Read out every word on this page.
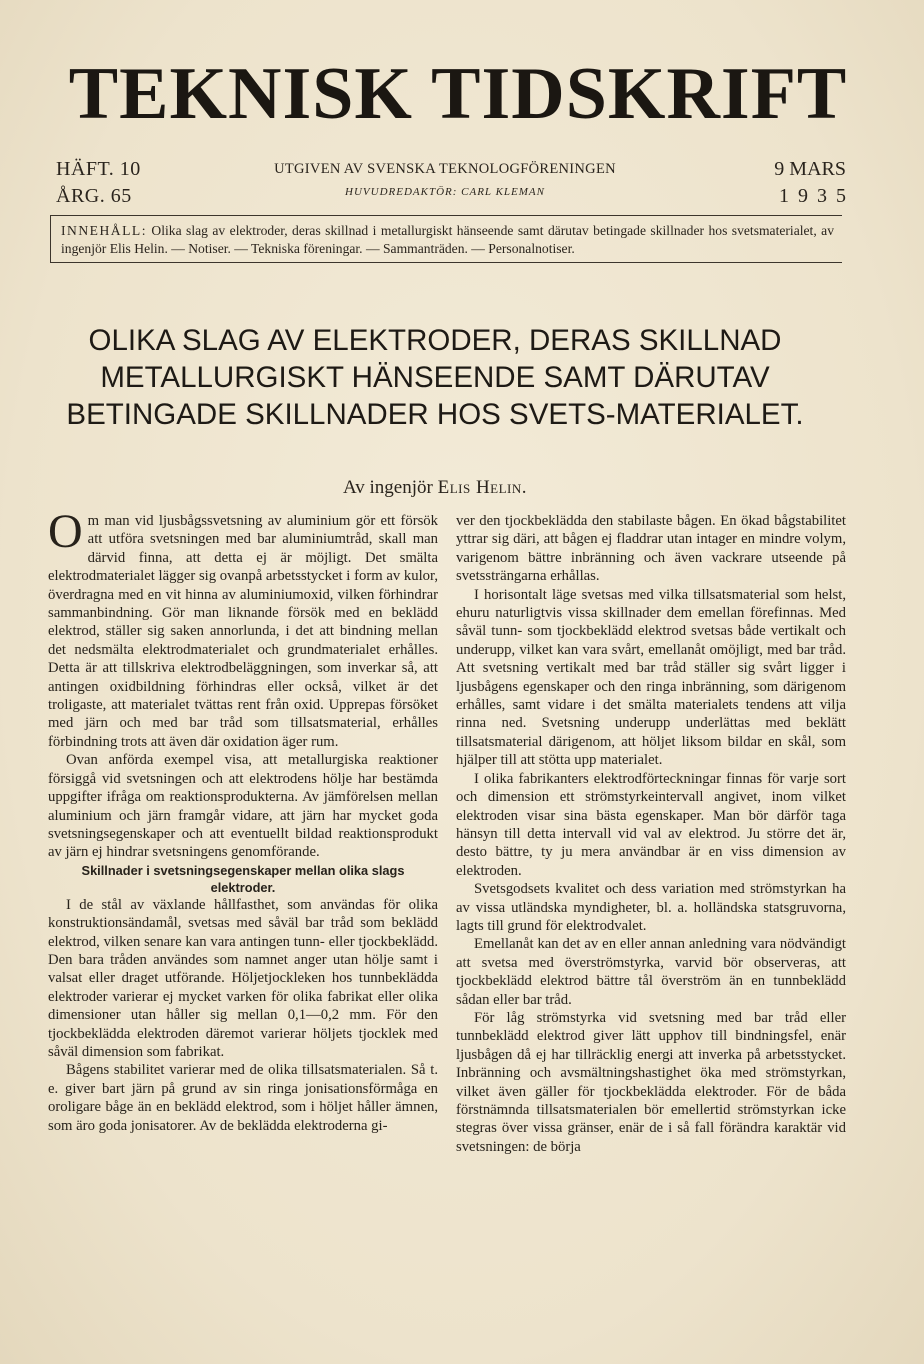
TEKNISK TIDSKRIFT
HÄFT. 10
ÅRG. 65
UTGIVEN AV SVENSKA TEKNOLOGFÖRENINGEN
HUVUDREDAKTÖR: CARL KLEMAN
9 MARS
1935
INNEHÅLL: Olika slag av elektroder, deras skillnad i metallurgiskt hänseende samt därutav betingade skillnader hos svetsmaterialet, av ingenjör Elis Helin. — Notiser. — Tekniska föreningar. — Sammanträden. — Personalnotiser.
OLIKA SLAG AV ELEKTRODER, DERAS SKILLNAD METALLURGISKT HÄNSEENDE SAMT DÄRUTAV BETINGADE SKILLNADER HOS SVETS-MATERIALET.
Av ingenjör Elis Helin.

Om man vid ljusbågssvetsning av aluminium gör ett försök att utföra svetsningen med bar aluminiumtråd, skall man därvid finna, att detta ej är möjligt. Det smälta elektrodmaterialet lägger sig ovanpå arbetsstycket i form av kulor, överdragna med en vit hinna av aluminiumoxid, vilken förhindrar sammanbindning. Gör man liknande försök med en beklädd elektrod, ställer sig saken annorlunda, i det att bindning mellan det nedsmälta elektrodmaterialet och grundmaterialet erhålles. Detta är att tillskriva elektrodbeläggningen, som inverkar så, att antingen oxidbildning förhindras eller också, vilket är det troligaste, att materialet tvättas rent från oxid. Upprepas försöket med järn och med bar tråd som tillsatsmaterial, erhålles förbindning trots att även där oxidation äger rum.

Ovan anförda exempel visa, att metallurgiska reaktioner försiggå vid svetsningen och att elektrodens hölje har bestämda uppgifter ifråga om reaktionsprodukterna. Av jämförelsen mellan aluminium och järn framgår vidare, att järn har mycket goda svetsningsegenskaper och att eventuellt bildad reaktionsprodukt av järn ej hindrar svetsningens genomförande.

Skillnader i svetsningsegenskaper mellan olika slags elektroder.

I de stål av växlande hållfasthet, som användas för olika konstruktionsändamål, svetsas med såväl bar tråd som beklädd elektrod, vilken senare kan vara antingen tunn- eller tjockbeklädd. Den bara tråden användes som namnet anger utan hölje samt i valsat eller draget utförande. Höljetjockleken hos tunnbeklädda elektroder varierar ej mycket varken för olika fabrikat eller olika dimensioner utan håller sig mellan 0,1—0,2 mm. För den tjockbeklädda elektroden däremot varierar höljets tjocklek med såväl dimension som fabrikat.

Bågens stabilitet varierar med de olika tillsatsmaterialen. Så t. e. giver bart järn på grund av sin ringa jonisationsförmåga en oroligare båge än en beklädd elektrod, som i höljet håller ämnen, som äro goda jonisatorer. Av de beklädda elektroderna gi-

ver den tjockbeklädda den stabilaste bågen. En ökad bågstabilitet yttrar sig däri, att bågen ej fladdrar utan intager en mindre volym, varigenom bättre inbränning och även vackrare utseende på svetssträngarna erhållas.

I horisontalt läge svetsas med vilka tillsatsmaterial som helst, ehuru naturligtvis vissa skillnader dem emellan förefinnas. Med såväl tunn- som tjockbeklädd elektrod svetsas både vertikalt och underupp, vilket kan vara svårt, emellanåt omöjligt, med bar tråd. Att svetsning vertikalt med bar tråd ställer sig svårt ligger i ljusbågens egenskaper och den ringa inbränning, som därigenom erhålles, samt vidare i det smälta materialets tendens att vilja rinna ned. Svetsning underupp underlättas med beklätt tillsatsmaterial därigenom, att höljet liksom bildar en skål, som hjälper till att stötta upp materialet.

I olika fabrikanters elektrodförteckningar finnas för varje sort och dimension ett strömstyrkeintervall angivet, inom vilket elektroden visar sina bästa egenskaper. Man bör därför taga hänsyn till detta intervall vid val av elektrod. Ju större det är, desto bättre, ty ju mera användbar är en viss dimension av elektroden.

Svetsgodsets kvalitet och dess variation med strömstyrkan ha av vissa utländska myndigheter, bl. a. holländska statsgruvorna, lagts till grund för elektrodvalet.

Emellanåt kan det av en eller annan anledning vara nödvändigt att svetsa med överströmstyrka, varvid bör observeras, att tjockbeklädd elektrod bättre tål överström än en tunnbeklädd sådan eller bar tråd.

För låg strömstyrka vid svetsning med bar tråd eller tunnbeklädd elektrod giver lätt upphov till bindningsfel, enär ljusbågen då ej har tillräcklig energi att inverka på arbetsstycket. Inbränning och avsmältningshastighet öka med strömstyrkan, vilket även gäller för tjockbeklädda elektroder. För de båda förstnämnda tillsatsmaterialen bör emellertid strömstyrkan icke stegras över vissa gränser, enär de i så fall förändra karaktär vid svetsningen: de börja
